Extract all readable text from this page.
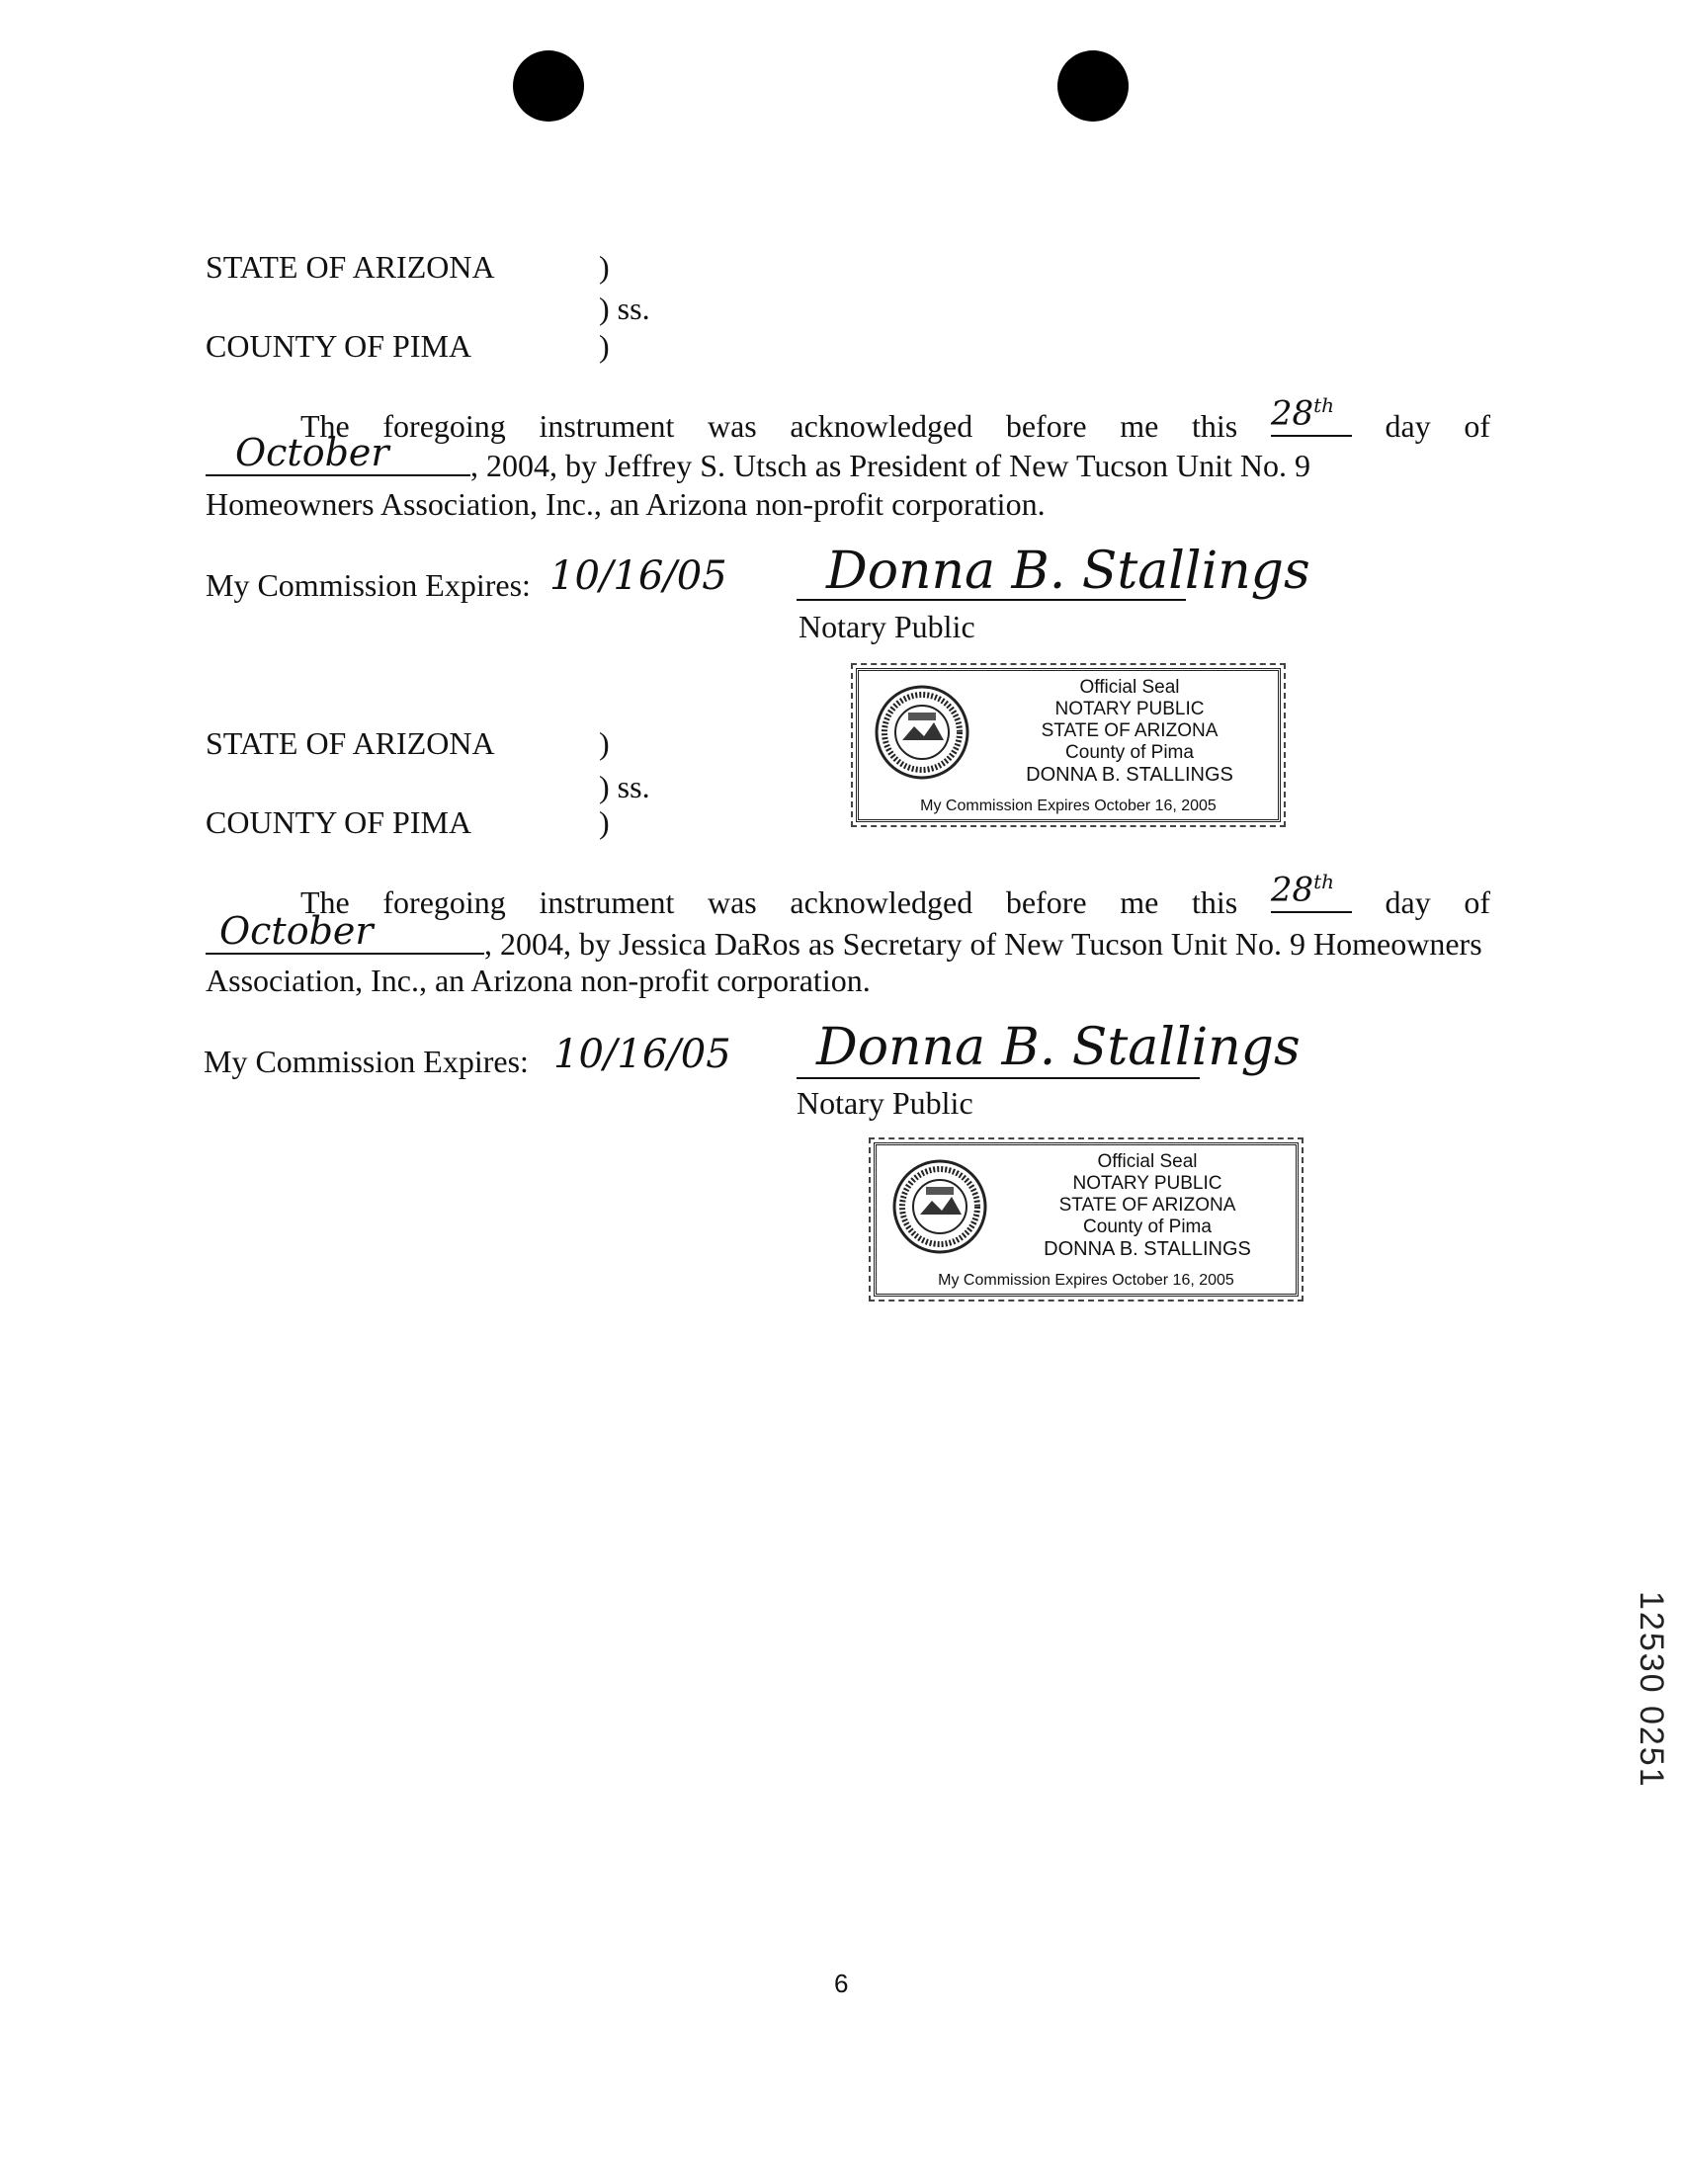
STATE OF ARIZONA	)
) ss.
COUNTY OF PIMA	)
The foregoing instrument was acknowledged before me this 28th
day of
October	, 2004, by Jeffrey S. Utsch as President of New Tucson Unit No. 9
Homeowners Association, Inc., an Arizona non-profit corporation.
My Commission Expires: 10/16/05 Donna B. Stallings
Notary Public
Official Seal
NOTARY PUBLIC
STATE OF ARIZONA
County of Pima
DONNA B. STALLINGS
My Commission Expires October 16, 2005
STATE OF ARIZONA	)
) ss.
COUNTY OF PIMA	)
The foregoing instrument was acknowledged before me this 28th
day of
October	, 2004, by Jessica DaRos as Secretary of New Tucson Unit No. 9 Homeowners
Association, Inc., an Arizona non-profit corporation.
My Commission Expires: 10/16/05 Donna B. Stallings
Notary Public
Official Seal
NOTARY PUBLIC
STATE OF ARIZONA
County of Pima
DONNA B. STALLINGS
My Commission Expires October 16, 2005
6
12530 0251
